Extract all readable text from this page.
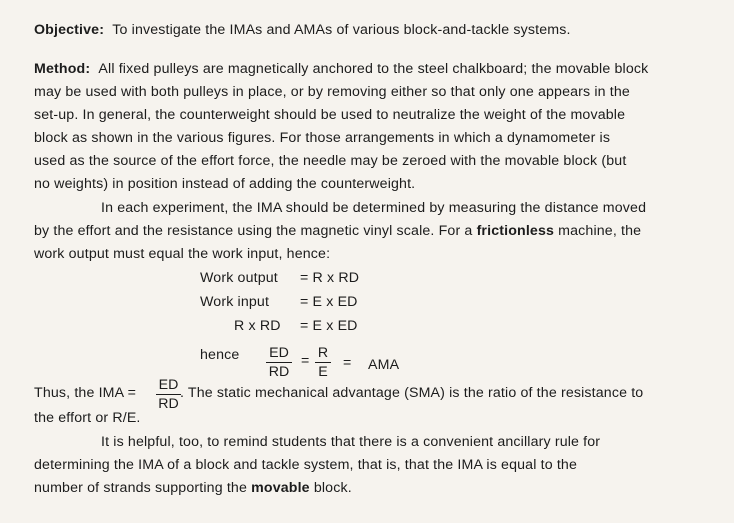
Objective: To investigate the IMAs and AMAs of various block-and-tackle systems.
Method: All fixed pulleys are magnetically anchored to the steel chalkboard; the movable block
may be used with both pulleys in place, or by removing either so that only one appears in the
set-up. In general, the counterweight should be used to neutralize the weight of the movable
block as shown in the various figures. For those arrangements in which a dynamometer is
used as the source of the effort force, the needle may be zeroed with the movable block (but
no weights) in position instead of adding the counterweight.
In each experiment, the IMA should be determined by measuring the distance moved
by the effort and the resistance using the magnetic vinyl scale. For a frictionless machine, the
work output must equal the work input, hence:
Work output = R x RD
Work input = E x ED
R x RD = E x ED
hence $\frac{ED}{RD} = \frac{R}{E}$ = AMA
Thus, the IMA = $\frac{ED}{RD}$ . The static mechanical advantage (SMA) is the ratio of the resistance to
the effort or R/E.
It is helpful, too, to remind students that there is a convenient ancillary rule for
determining the IMA of a block and tackle system, that is, that the IMA is equal to the
number of strands supporting the movable block.
